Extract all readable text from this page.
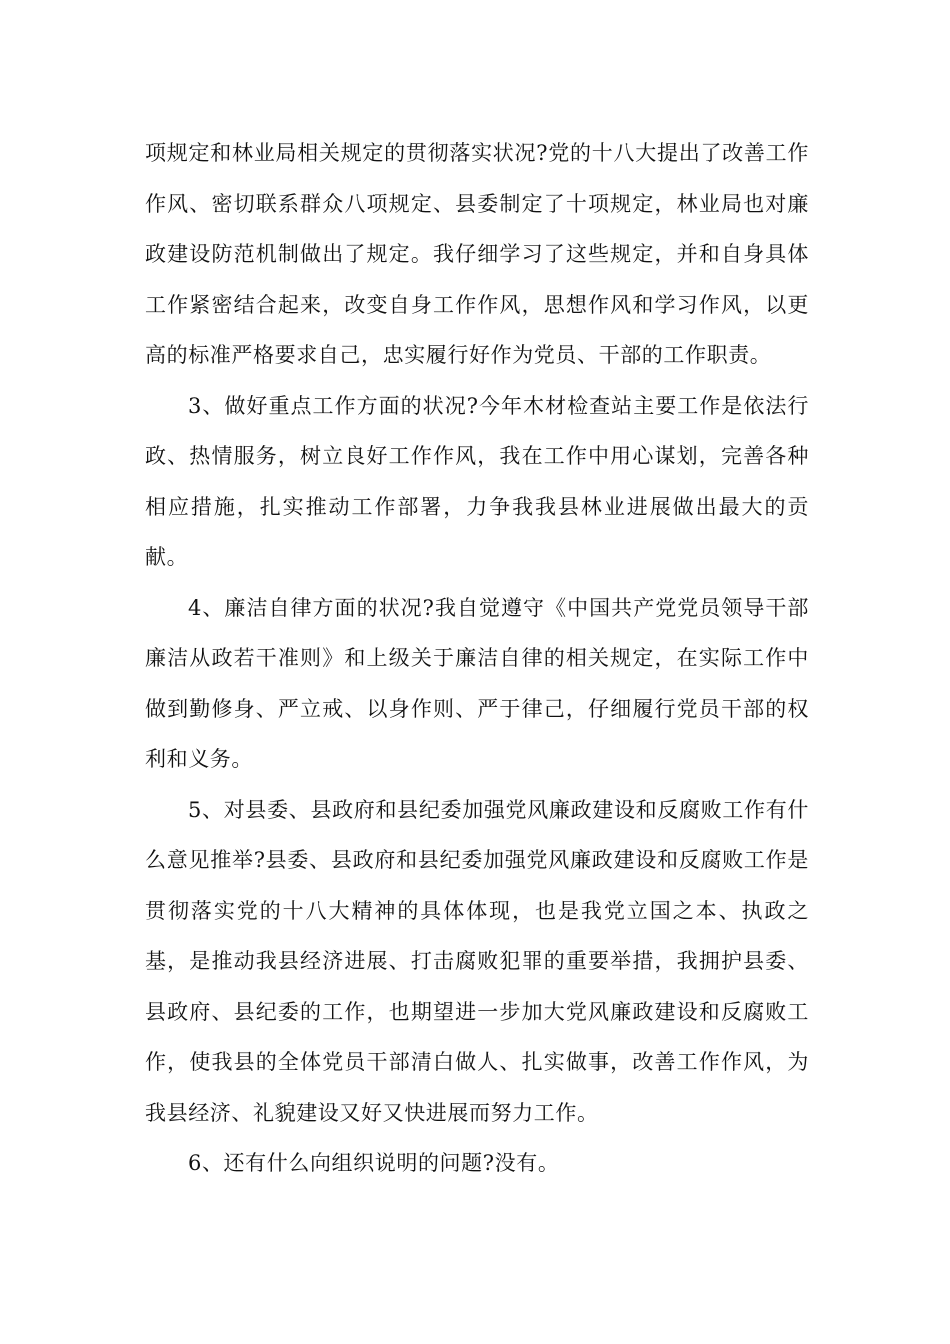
项规定和林业局相关规定的贯彻落实状况?党的十八大提出了改善工作作风、密切联系群众八项规定、县委制定了十项规定，林业局也对廉政建设防范机制做出了规定。我仔细学习了这些规定，并和自身具体工作紧密结合起来，改变自身工作作风，思想作风和学习作风，以更高的标准严格要求自己，忠实履行好作为党员、干部的工作职责。

3、做好重点工作方面的状况?今年木材检查站主要工作是依法行政、热情服务，树立良好工作作风，我在工作中用心谋划，完善各种相应措施，扎实推动工作部署，力争我我县林业进展做出最大的贡献。

4、廉洁自律方面的状况?我自觉遵守《中国共产党党员领导干部廉洁从政若干准则》和上级关于廉洁自律的相关规定，在实际工作中做到勤修身、严立戒、以身作则、严于律己，仔细履行党员干部的权利和义务。

5、对县委、县政府和县纪委加强党风廉政建设和反腐败工作有什么意见推举?县委、县政府和县纪委加强党风廉政建设和反腐败工作是贯彻落实党的十八大精神的具体体现，也是我党立国之本、执政之基，是推动我县经济进展、打击腐败犯罪的重要举措，我拥护县委、县政府、县纪委的工作，也期望进一步加大党风廉政建设和反腐败工作，使我县的全体党员干部清白做人、扎实做事，改善工作作风，为我县经济、礼貌建设又好又快进展而努力工作。

6、还有什么向组织说明的问题?没有。
